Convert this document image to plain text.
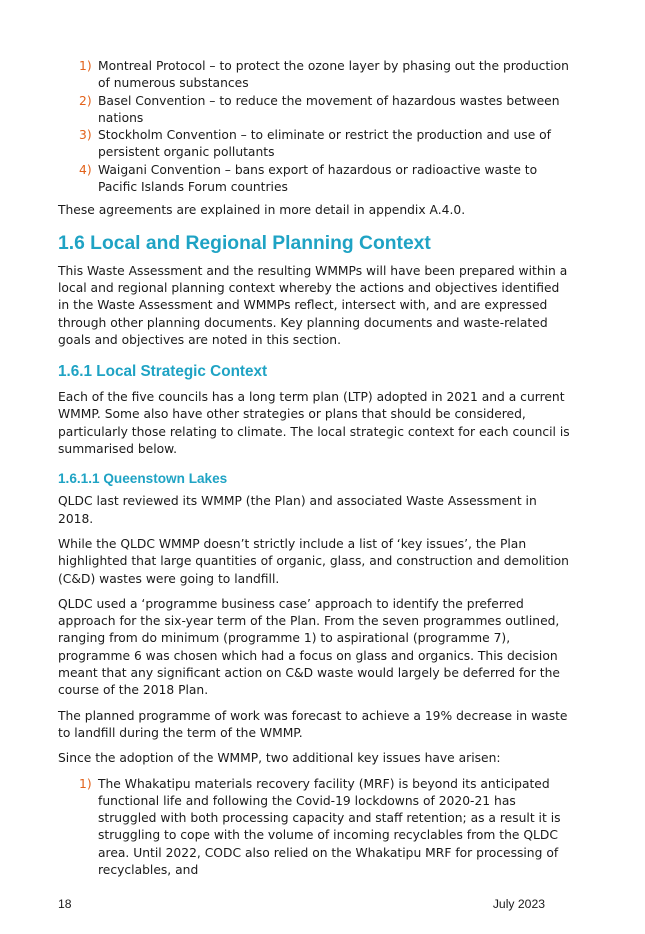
1) Montreal Protocol – to protect the ozone layer by phasing out the production of numerous substances
2) Basel Convention – to reduce the movement of hazardous wastes between nations
3) Stockholm Convention – to eliminate or restrict the production and use of persistent organic pollutants
4) Waigani Convention – bans export of hazardous or radioactive waste to Pacific Islands Forum countries

These agreements are explained in more detail in appendix A.4.0.

1.6 Local and Regional Planning Context

This Waste Assessment and the resulting WMMPs will have been prepared within a local and regional planning context whereby the actions and objectives identified in the Waste Assessment and WMMPs reflect, intersect with, and are expressed through other planning documents. Key planning documents and waste-related goals and objectives are noted in this section.

1.6.1 Local Strategic Context

Each of the five councils has a long term plan (LTP) adopted in 2021 and a current WMMP. Some also have other strategies or plans that should be considered, particularly those relating to climate. The local strategic context for each council is summarised below.

1.6.1.1 Queenstown Lakes

QLDC last reviewed its WMMP (the Plan) and associated Waste Assessment in 2018.

While the QLDC WMMP doesn’t strictly include a list of ‘key issues’, the Plan highlighted that large quantities of organic, glass, and construction and demolition (C&D) wastes were going to landfill.

QLDC used a ‘programme business case’ approach to identify the preferred approach for the six-year term of the Plan. From the seven programmes outlined, ranging from do minimum (programme 1) to aspirational (programme 7), programme 6 was chosen which had a focus on glass and organics. This decision meant that any significant action on C&D waste would largely be deferred for the course of the 2018 Plan.

The planned programme of work was forecast to achieve a 19% decrease in waste to landfill during the term of the WMMP.

Since the adoption of the WMMP, two additional key issues have arisen:

1) The Whakatipu materials recovery facility (MRF) is beyond its anticipated functional life and following the Covid-19 lockdowns of 2020-21 has struggled with both processing capacity and staff retention; as a result it is struggling to cope with the volume of incoming recyclables from the QLDC area. Until 2022, CODC also relied on the Whakatipu MRF for processing of recyclables, and
18	July 2023
